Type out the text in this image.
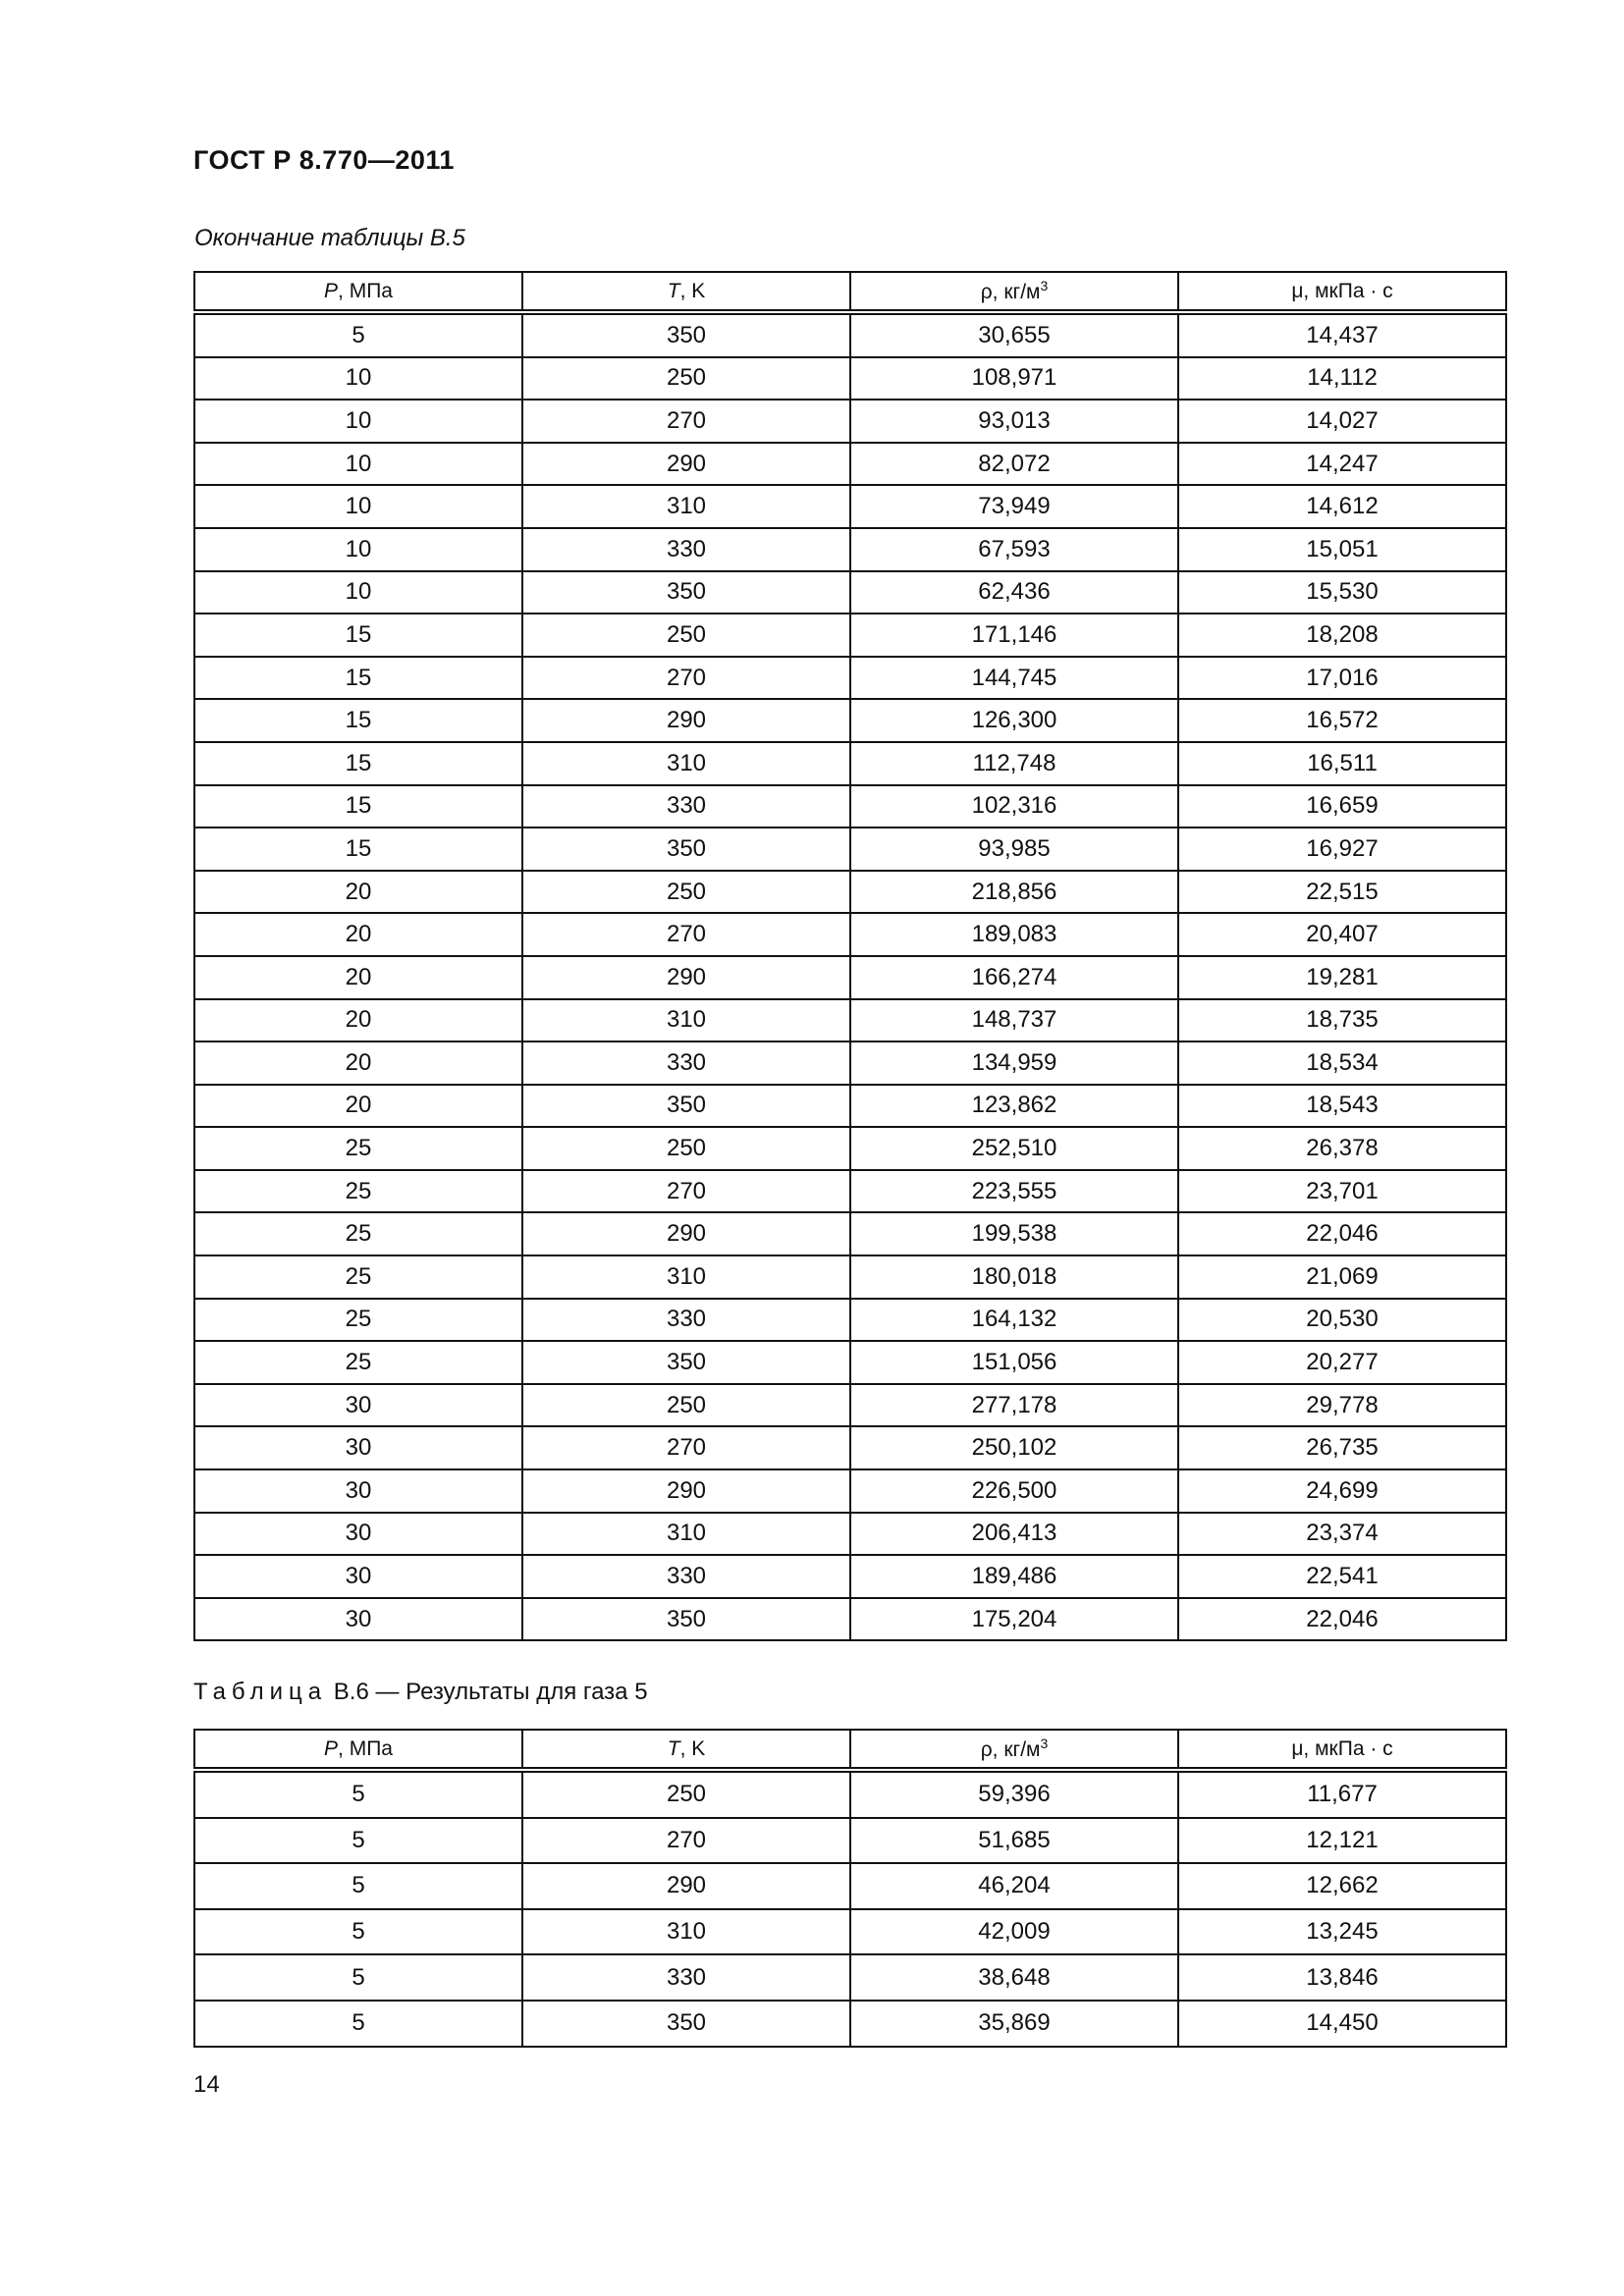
ГОСТ Р 8.770—2011
Окончание таблицы В.5
P, МПа	T, K	ρ, $кг/м^3$	μ, мкПа · с
5	350	30,655	14,437
10	250	108,971	14,112
10	270	93,013	14,027
10	290	82,072	14,247
10	310	73,949	14,612
10	330	67,593	15,051
10	350	62,436	15,530
15	250	171,146	18,208
15	270	144,745	17,016
15	290	126,300	16,572
15	310	112,748	16,511
15	330	102,316	16,659
15	350	93,985	16,927
20	250	218,856	22,515
20	270	189,083	20,407
20	290	166,274	19,281
20	310	148,737	18,735
20	330	134,959	18,534
20	350	123,862	18,543
25	250	252,510	26,378
25	270	223,555	23,701
25	290	199,538	22,046
25	310	180,018	21,069
25	330	164,132	20,530
25	350	151,056	20,277
30	250	277,178	29,778
30	270	250,102	26,735
30	290	226,500	24,699
30	310	206,413	23,374
30	330	189,486	22,541
30	350	175,204	22,046
Таблица В.6 — Результаты для газа 5
P, МПа	T, K	ρ, $кг/м^3$	μ, мкПа · с
5	250	59,396	11,677
5	270	51,685	12,121
5	290	46,204	12,662
5	310	42,009	13,245
5	330	38,648	13,846
5	350	35,869	14,450
14
